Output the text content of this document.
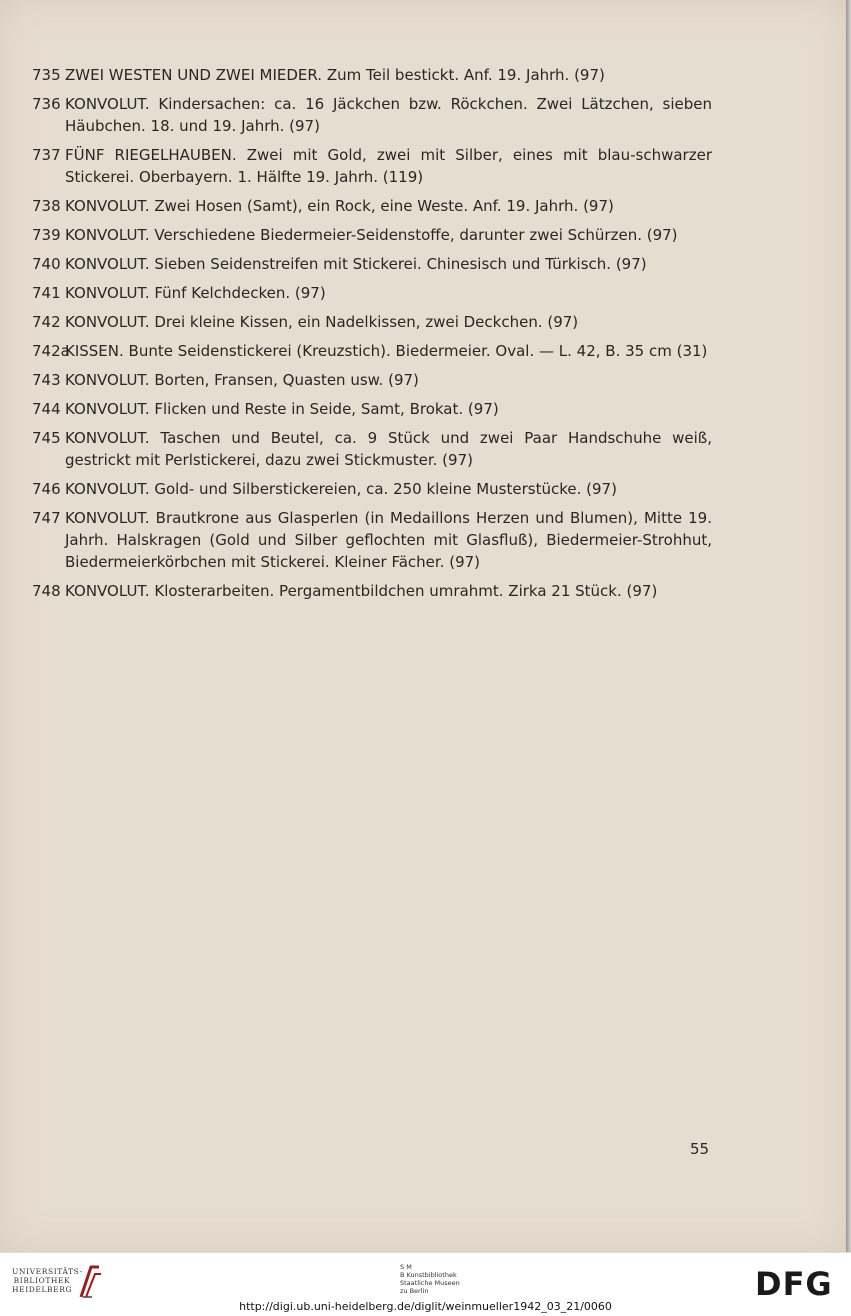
735 ZWEI WESTEN UND ZWEI MIEDER. Zum Teil bestickt. Anf. 19. Jahrh. (97)
736 KONVOLUT. Kindersachen: ca. 16 Jäckchen bzw. Röckchen. Zwei Lätzchen, sieben Häubchen. 18. und 19. Jahrh. (97)
737 FÜNF RIEGELHAUBEN. Zwei mit Gold, zwei mit Silber, eines mit blau-schwarzer Stickerei. Oberbayern. 1. Hälfte 19. Jahrh. (119)
738 KONVOLUT. Zwei Hosen (Samt), ein Rock, eine Weste. Anf. 19. Jahrh. (97)
739 KONVOLUT. Verschiedene Biedermeier-Seidenstoffe, darunter zwei Schürzen. (97)
740 KONVOLUT. Sieben Seidenstreifen mit Stickerei. Chinesisch und Türkisch. (97)
741 KONVOLUT. Fünf Kelchdecken. (97)
742 KONVOLUT. Drei kleine Kissen, ein Nadelkissen, zwei Deckchen. (97)
742a
KISSEN. Bunte Seidenstickerei (Kreuzstich). Biedermeier. Oval. — L. 42, B. 35 cm (31)
743 KONVOLUT. Borten, Fransen, Quasten usw. (97)
744 KONVOLUT. Flicken und Reste in Seide, Samt, Brokat. (97)
745 KONVOLUT. Taschen und Beutel, ca. 9 Stück und zwei Paar Handschuhe weiß, gestrickt mit Perlstickerei, dazu zwei Stickmuster. (97)
746 KONVOLUT. Gold- und Silberstickereien, ca. 250 kleine Musterstücke. (97)
747 KONVOLUT. Brautkrone aus Glasperlen (in Medaillons Herzen und Blumen), Mitte 19. Jahrh. Halskragen (Gold und Silber geflochten mit Glasfluß), Biedermeier-Strohhut, Biedermeierkörbchen mit Stickerei. Kleiner Fächer. (97)
748 KONVOLUT. Klosterarbeiten. Pergamentbildchen umrahmt. Zirka 21 Stück. (97)
55
UNIVERSITÄTS-
BIBLIOTHEK
HEIDELBERG
S M
B Kunstbibliothek
Staatliche Museen
zu Berlin	DFG
http://digi.ub.uni-heidelberg.de/diglit/weinmueller1942_03_21/0060
